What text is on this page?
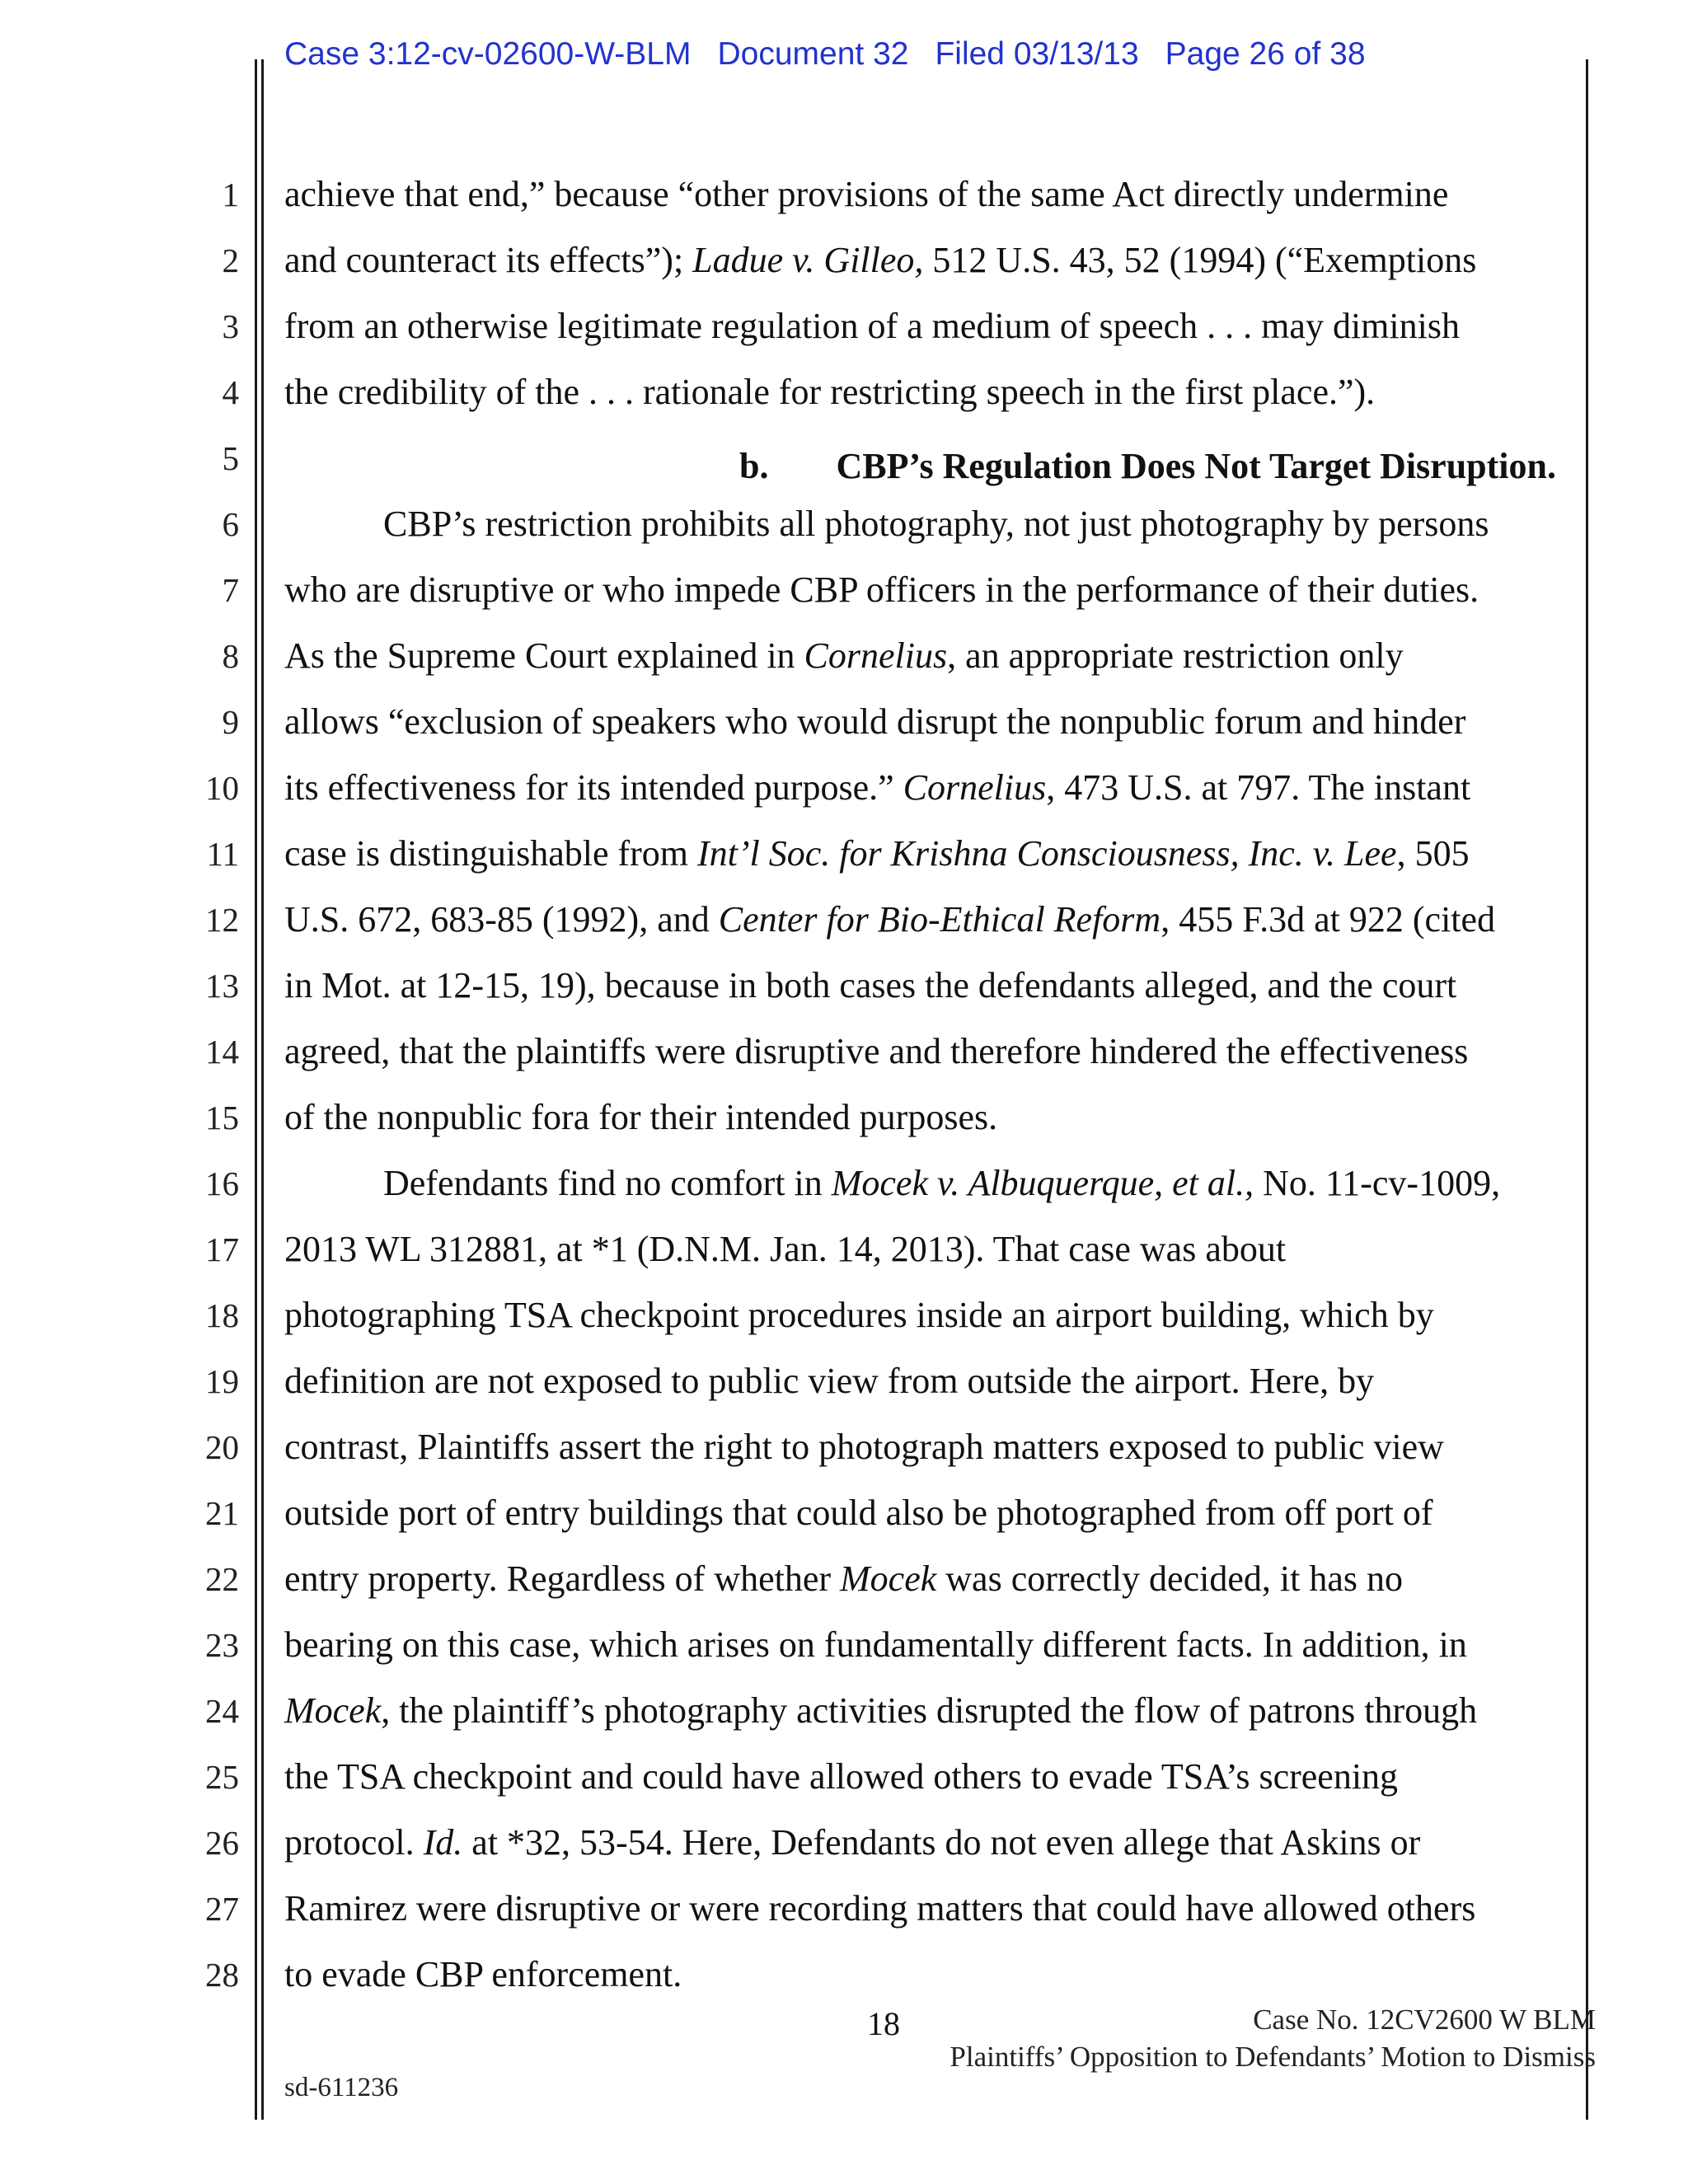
Case 3:12-cv-02600-W-BLM Document 32 Filed 03/13/13 Page 26 of 38
1
2
3
4
5
6
7
8
9
10
11
12
13
14
15
16
17
18
19
20
21
22
23
24
25
26
27
28
b. CBP’s Regulation Does Not Target Disruption.
achieve that end,” because “other provisions of the same Act directly undermine
and counteract its effects”); Ladue v. Gilleo, 512 U.S. 43, 52 (1994) (“Exemptions
from an otherwise legitimate regulation of a medium of speech . . . may diminish
the credibility of the . . . rationale for restricting speech in the first place.”).
CBP’s restriction prohibits all photography, not just photography by persons
who are disruptive or who impede CBP officers in the performance of their duties.
As the Supreme Court explained in Cornelius, an appropriate restriction only
allows “exclusion of speakers who would disrupt the nonpublic forum and hinder
its effectiveness for its intended purpose.” Cornelius, 473 U.S. at 797. The instant
case is distinguishable from Int’l Soc. for Krishna Consciousness, Inc. v. Lee, 505
U.S. 672, 683-85 (1992), and Center for Bio-Ethical Reform, 455 F.3d at 922 (cited
in Mot. at 12-15, 19), because in both cases the defendants alleged, and the court
agreed, that the plaintiffs were disruptive and therefore hindered the effectiveness
of the nonpublic fora for their intended purposes.
Defendants find no comfort in Mocek v. Albuquerque, et al., No. 11-cv-1009,
2013 WL 312881, at *1 (D.N.M. Jan. 14, 2013). That case was about
photographing TSA checkpoint procedures inside an airport building, which by
definition are not exposed to public view from outside the airport. Here, by
contrast, Plaintiffs assert the right to photograph matters exposed to public view
outside port of entry buildings that could also be photographed from off port of
entry property. Regardless of whether Mocek was correctly decided, it has no
bearing on this case, which arises on fundamentally different facts. In addition, in
Mocek, the plaintiff’s photography activities disrupted the flow of patrons through
the TSA checkpoint and could have allowed others to evade TSA’s screening
protocol. Id. at *32, 53-54. Here, Defendants do not even allege that Askins or
Ramirez were disruptive or were recording matters that could have allowed others
to evade CBP enforcement.
18	Case No. 12CV2600 W BLM
Plaintiffs’ Opposition to Defendants’ Motion to Dismiss
sd-611236
